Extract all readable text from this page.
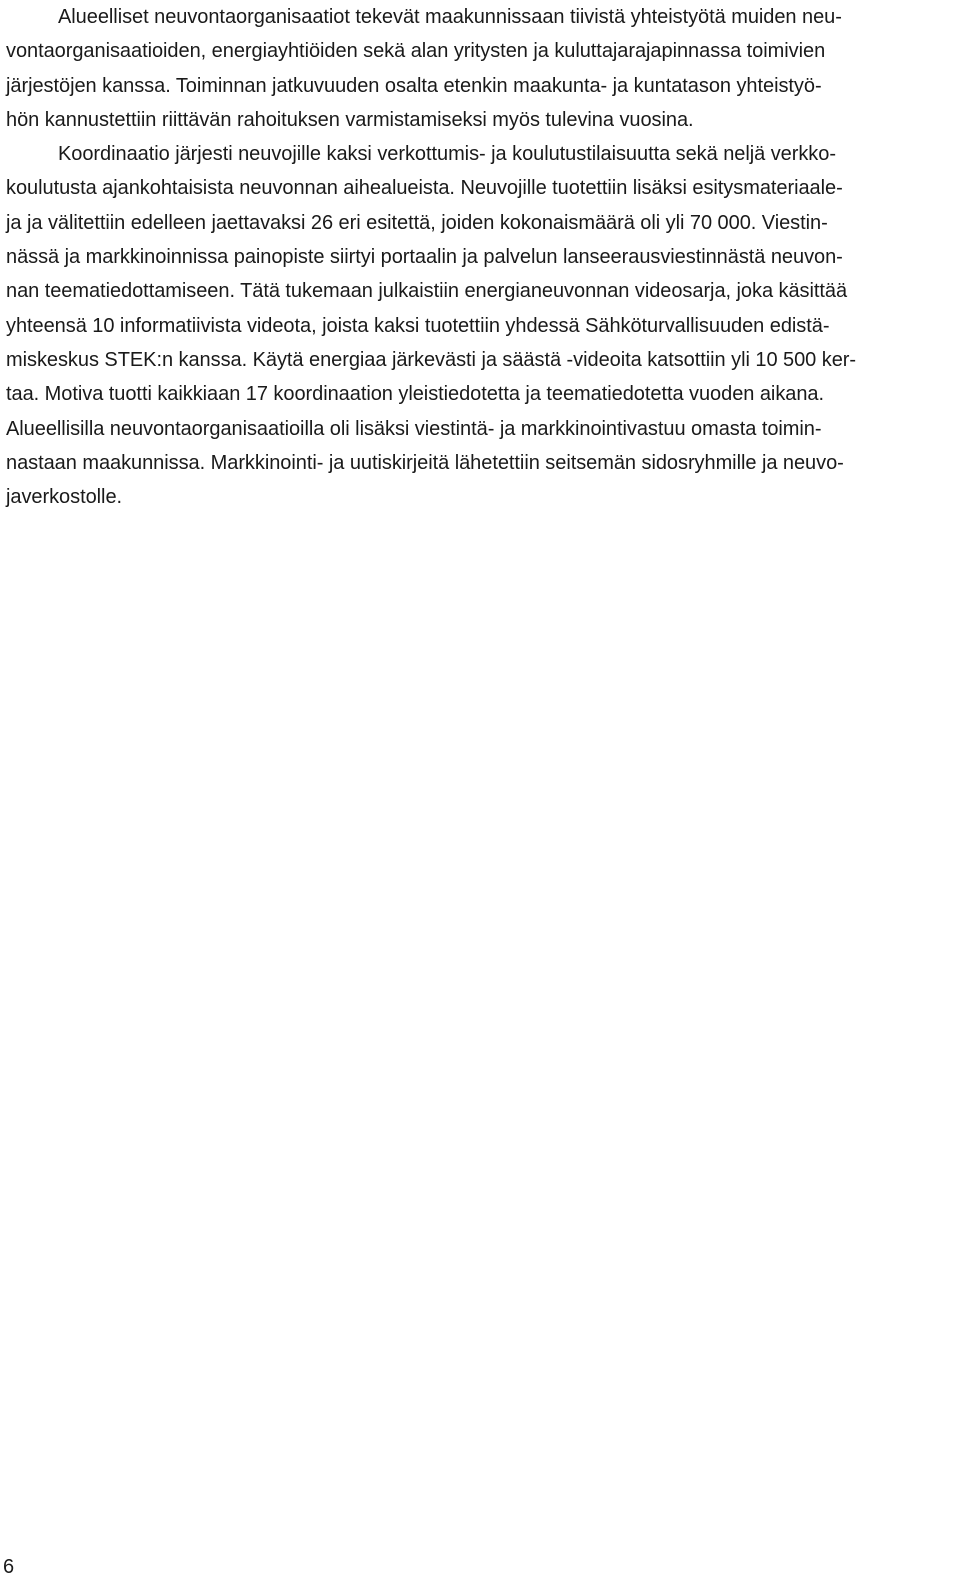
Alueelliset neuvontaorganisaatiot tekevät maakunnissaan tiivistä yhteistyötä muiden neu-
vontaorganisaatioiden, energiayhtiöiden sekä alan yritysten ja kuluttajarajapinnassa toimivien
järjestöjen kanssa. Toiminnan jatkuvuuden osalta etenkin maakunta- ja kuntatason yhteistyö-
hön kannustettiin riittävän rahoituksen varmistamiseksi myös tulevina vuosina.
Koordinaatio järjesti neuvojille kaksi verkottumis- ja koulutustilaisuutta sekä neljä verkko-
koulutusta ajankohtaisista neuvonnan aihealueista. Neuvojille tuotettiin lisäksi esitysmateriaale-
ja ja välitettiin edelleen jaettavaksi 26 eri esitettä, joiden kokonaismäärä oli yli 70 000. Viestin-
nässä ja markkinoinnissa painopiste siirtyi portaalin ja palvelun lanseerausviestinnästä neuvon-
nan teematiedottamiseen. Tätä tukemaan julkaistiin energianeuvonnan videosarja, joka käsittää
yhteensä 10 informatiivista videota, joista kaksi tuotettiin yhdessä Sähköturvallisuuden edistä-
miskeskus STEK:n kanssa. Käytä energiaa järkevästi ja säästä -videoita katsottiin yli 10 500 ker-
taa. Motiva tuotti kaikkiaan 17 koordinaation yleistiedotetta ja teematiedotetta vuoden aikana.
Alueellisilla neuvontaorganisaatioilla oli lisäksi viestintä- ja markkinointivastuu omasta toimin-
nastaan maakunnissa. Markkinointi- ja uutiskirjeitä lähetettiin seitsemän sidosryhmille ja neuvo-
javerkostolle.
6
